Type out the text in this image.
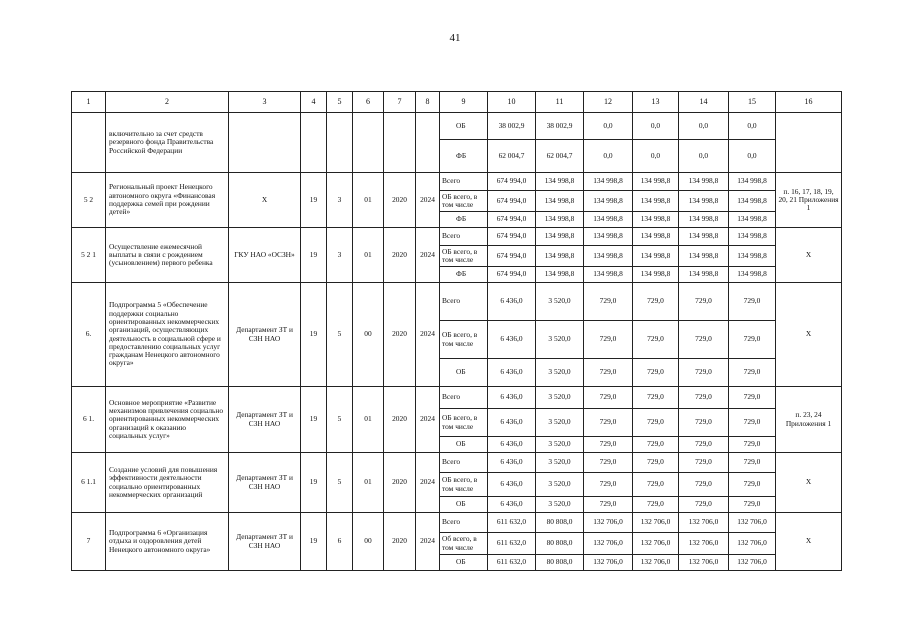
41
1	2	3	4	5	6	7	8	9	10	11	12	13	14	15	16
	включительно за счет средств резервного фонда Правительства Российской Федерации							ОБ	38 002,9	38 002,9	0,0	0,0	0,0	0,0	

								ФБ	62 004,7	62 004,7	0,0	0,0	0,0	0,0	
5 2	Региональный проект Ненецкого автономного округа «Финансовая поддержка семей при рождении детей»	Х	19	3	01	2020	2024	Всего	674 994,0	134 998,8	134 998,8	134 998,8	134 998,8	134 998,8	п. 16, 17, 18, 19, 20, 21 Приложения 1

								ОБ всего, в том числе	674 994,0	134 998,8	134 998,8	134 998,8	134 998,8	134 998,8	

								ФБ	674 994,0	134 998,8	134 998,8	134 998,8	134 998,8	134 998,8	
5 2 1	Осуществление ежемесячной выплаты в связи с рождением (усыновлением) первого ребенка	ГКУ НАО «ОСЗН»	19	3	01	2020	2024	Всего	674 994,0	134 998,8	134 998,8	134 998,8	134 998,8	134 998,8	Х

								ОБ всего, в том числе	674 994,0	134 998,8	134 998,8	134 998,8	134 998,8	134 998,8	

								ФБ	674 994,0	134 998,8	134 998,8	134 998,8	134 998,8	134 998,8	
6.	Подпрограмма 5 «Обеспечение поддержки социально ориентированных некоммерческих организаций, осуществляющих деятельность в социальной сфере и предоставлению социальных услуг гражданам Ненецкого автономного округа»	Департамент ЗТ и СЗН НАО	19	5	00	2020	2024	Всего	6 436,0	3 520,0	729,0	729,0	729,0	729,0	Х

								ОБ всего, в том числе	6 436,0	3 520,0	729,0	729,0	729,0	729,0	

								ОБ	6 436,0	3 520,0	729,0	729,0	729,0	729,0	
6 1.	Основное мероприятие «Развитие механизмов привлечения социально ориентированных некоммерческих организаций к оказанию социальных услуг»	Департамент ЗТ и СЗН НАО	19	5	01	2020	2024	Всего	6 436,0	3 520,0	729,0	729,0	729,0	729,0	п. 23, 24 Приложения 1

								ОБ всего, в том числе	6 436,0	3 520,0	729,0	729,0	729,0	729,0	

								ОБ	6 436,0	3 520,0	729,0	729,0	729,0	729,0	
6 1.1	Создание условий для повышения эффективности деятельности социально ориентированных некоммерческих организаций	Департамент ЗТ и СЗН НАО	19	5	01	2020	2024	Всего	6 436,0	3 520,0	729,0	729,0	729,0	729,0	Х

								ОБ всего, в том числе	6 436,0	3 520,0	729,0	729,0	729,0	729,0	

								ОБ	6 436,0	3 520,0	729,0	729,0	729,0	729,0	
7	Подпрограмма 6 «Организация отдыха и оздоровления детей Ненецкого автономного округа»	Департамент ЗТ и СЗН НАО	19	6	00	2020	2024	Всего	611 632,0	80 808,0	132 706,0	132 706,0	132 706,0	132 706,0	Х

								Об всего, в том числе	611 632,0	80 808,0	132 706,0	132 706,0	132 706,0	132 706,0	

								ОБ	611 632,0	80 808,0	132 706,0	132 706,0	132 706,0	132 706,0	
